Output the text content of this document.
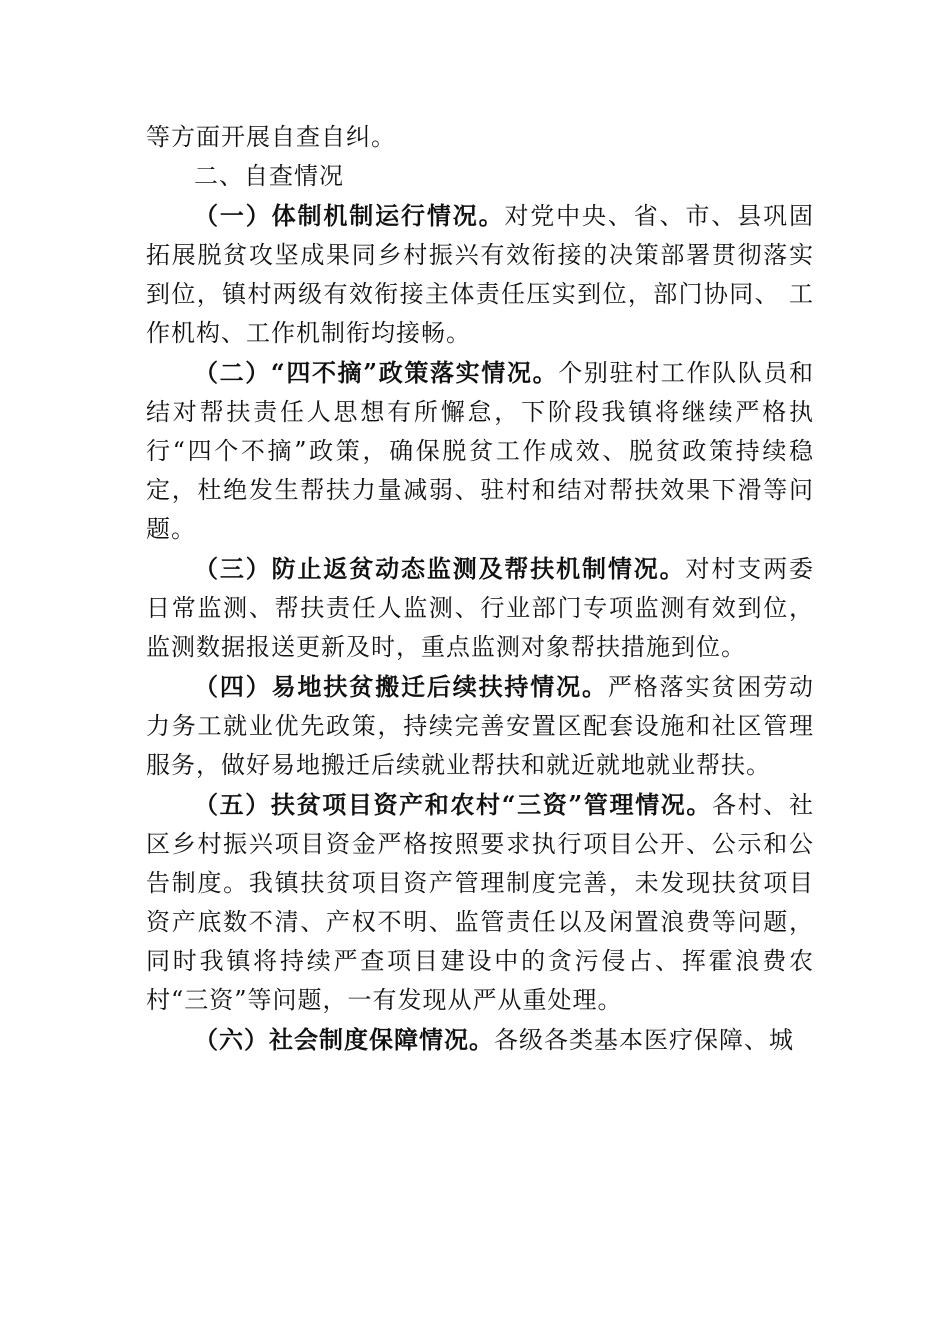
等方面开展自查自纠。

二、自查情况

（一）体制机制运行情况。对党中央、省、市、县巩固拓展脱贫攻坚成果同乡村振兴有效衔接的决策部署贯彻落实到位，镇村两级有效衔接主体责任压实到位，部门协同、 工作机构、工作机制衔均接畅。

（二）“四不摘”政策落实情况。个别驻村工作队队员和结对帮扶责任人思想有所懈怠，下阶段我镇将继续严格执行“四个不摘”政策，确保脱贫工作成效、脱贫政策持续稳定，杜绝发生帮扶力量减弱、驻村和结对帮扶效果下滑等问题。

（三）防止返贫动态监测及帮扶机制情况。对村支两委日常监测、帮扶责任人监测、行业部门专项监测有效到位， 监测数据报送更新及时，重点监测对象帮扶措施到位。

（四）易地扶贫搬迁后续扶持情况。严格落实贫困劳动力务工就业优先政策，持续完善安置区配套设施和社区管理服务，做好易地搬迁后续就业帮扶和就近就地就业帮扶。

（五）扶贫项目资产和农村“三资”管理情况。各村、社区乡村振兴项目资金严格按照要求执行项目公开、公示和公告制度。我镇扶贫项目资产管理制度完善，未发现扶贫项目资产底数不清、产权不明、监管责任以及闲置浪费等问题，同时我镇将持续严查项目建设中的贪污侵占、挥霍浪费农村“三资”等问题，一有发现从严从重处理。

（六）社会制度保障情况。各级各类基本医疗保障、城
